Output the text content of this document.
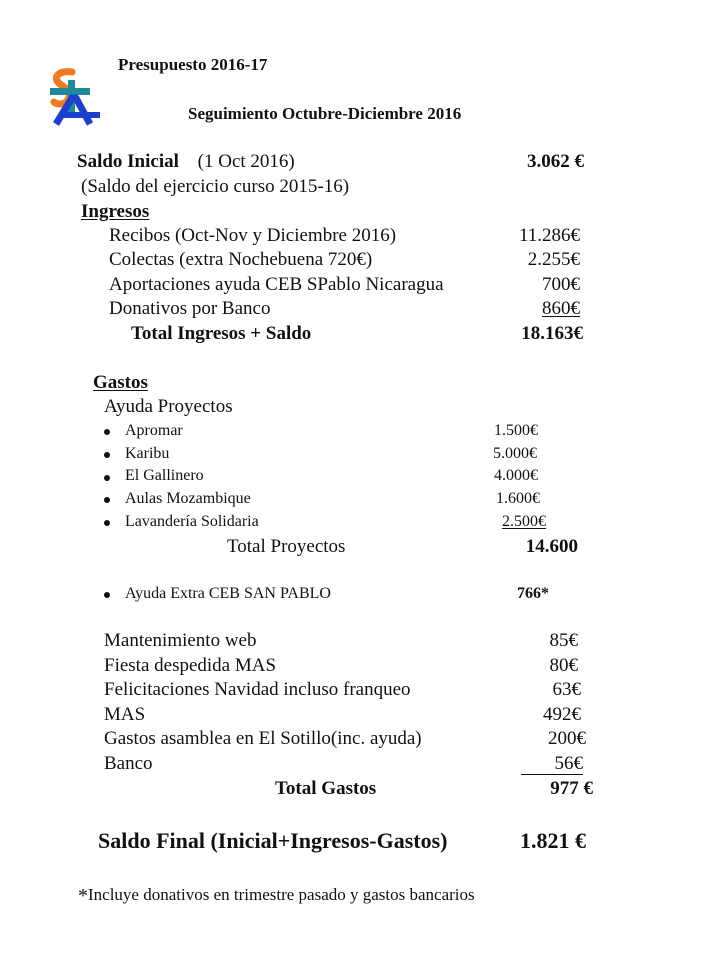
Presupuesto 2016-17
Seguimiento Octubre-Diciembre 2016
Saldo Inicial (1 Oct 2016)	3.062 €
(Saldo del ejercicio curso 2015-16)
Ingresos
Recibos (Oct-Nov y Diciembre 2016)	11.286€
Colectas (extra Nochebuena 720€)	2.255€
Aportaciones ayuda CEB SPablo Nicaragua	700€
Donativos por Banco	860€
Total Ingresos + Saldo	18.163€
Gastos
Ayuda Proyectos
Apromar	1.500€
Karibu	5.000€
El Gallinero	4.000€
Aulas Mozambique	1.600€
Lavandería Solidaria	2.500€
Total Proyectos	14.600
Ayuda Extra CEB SAN PABLO	766*
Mantenimiento web	85€
Fiesta despedida MAS	80€
Felicitaciones Navidad incluso franqueo	63€
MAS	492€
Gastos asamblea en El Sotillo(inc. ayuda)	200€
Banco	56€
Total Gastos	977 €
Saldo Final (Inicial+Ingresos-Gastos)	1.821 €
*Incluye donativos en trimestre pasado y gastos bancarios
